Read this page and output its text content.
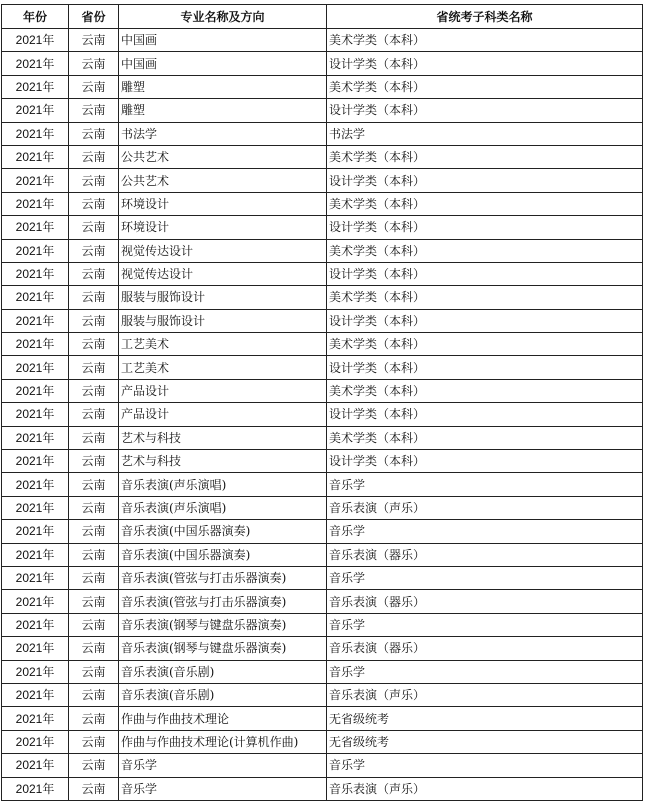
年份	省份	专业名称及方向	省统考子科类名称
2021年	云南	中国画	美术学类（本科）
2021年	云南	中国画	设计学类（本科）
2021年	云南	雕塑	美术学类（本科）
2021年	云南	雕塑	设计学类（本科）
2021年	云南	书法学	书法学
2021年	云南	公共艺术	美术学类（本科）
2021年	云南	公共艺术	设计学类（本科）
2021年	云南	环境设计	美术学类（本科）
2021年	云南	环境设计	设计学类（本科）
2021年	云南	视觉传达设计	美术学类（本科）
2021年	云南	视觉传达设计	设计学类（本科）
2021年	云南	服装与服饰设计	美术学类（本科）
2021年	云南	服装与服饰设计	设计学类（本科）
2021年	云南	工艺美术	美术学类（本科）
2021年	云南	工艺美术	设计学类（本科）
2021年	云南	产品设计	美术学类（本科）
2021年	云南	产品设计	设计学类（本科）
2021年	云南	艺术与科技	美术学类（本科）
2021年	云南	艺术与科技	设计学类（本科）
2021年	云南	音乐表演(声乐演唱)	音乐学
2021年	云南	音乐表演(声乐演唱)	音乐表演（声乐）
2021年	云南	音乐表演(中国乐器演奏)	音乐学
2021年	云南	音乐表演(中国乐器演奏)	音乐表演（器乐）
2021年	云南	音乐表演(管弦与打击乐器演奏)	音乐学
2021年	云南	音乐表演(管弦与打击乐器演奏)	音乐表演（器乐）
2021年	云南	音乐表演(钢琴与键盘乐器演奏)	音乐学
2021年	云南	音乐表演(钢琴与键盘乐器演奏)	音乐表演（器乐）
2021年	云南	音乐表演(音乐剧)	音乐学
2021年	云南	音乐表演(音乐剧)	音乐表演（声乐）
2021年	云南	作曲与作曲技术理论	无省级统考
2021年	云南	作曲与作曲技术理论(计算机作曲)	无省级统考
2021年	云南	音乐学	音乐学
2021年	云南	音乐学	音乐表演（声乐）
